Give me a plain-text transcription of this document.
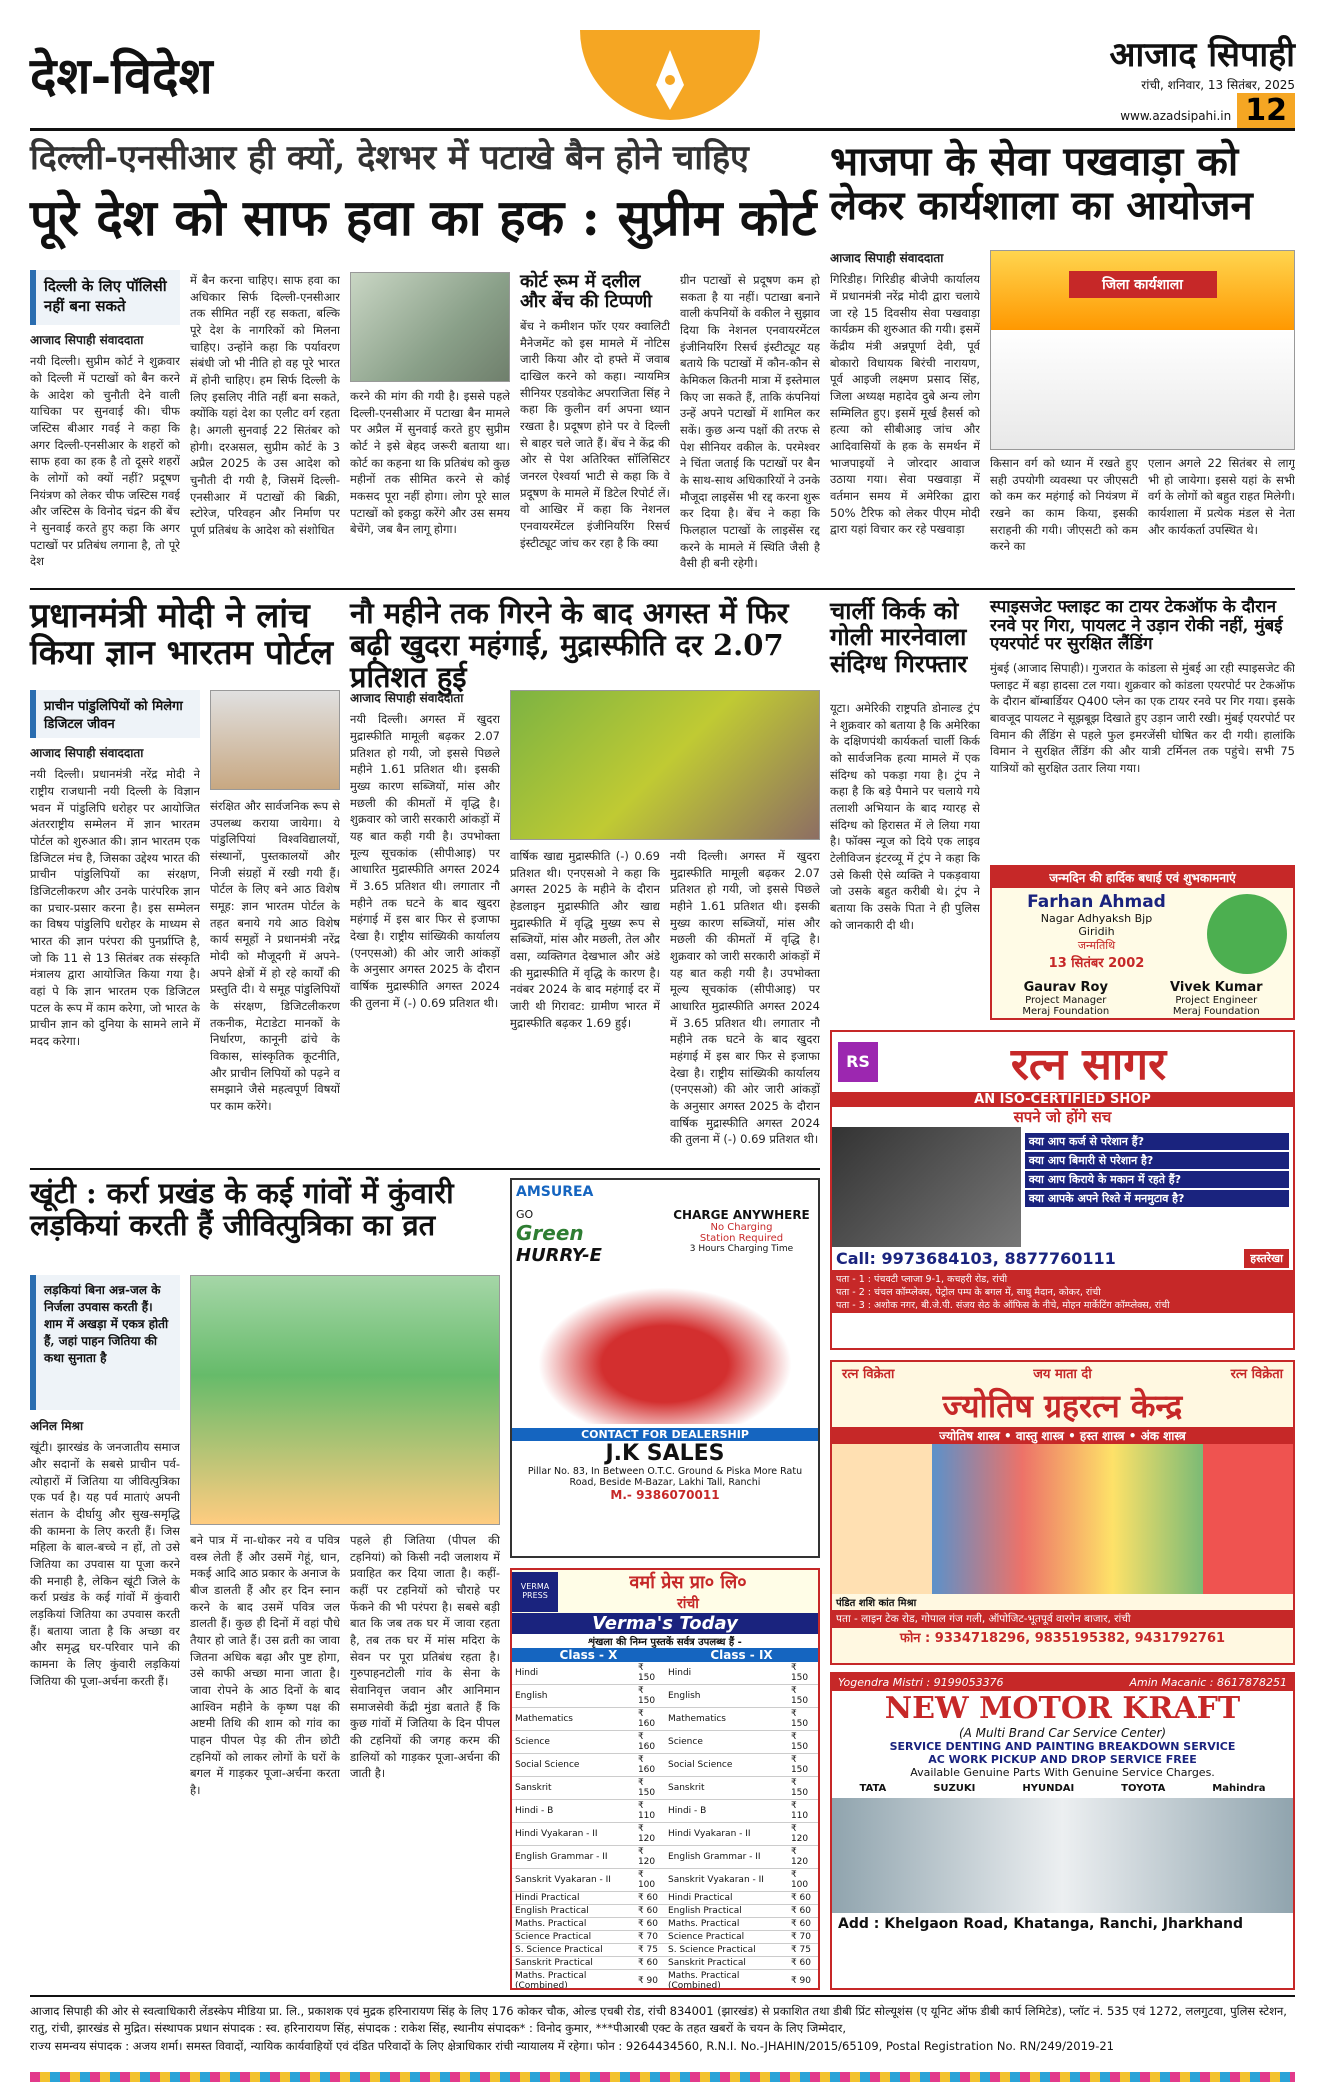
देश-विदेश	आजाद सिपाही
रांची, शनिवार, 13 सितंबर, 2025
www.azadsipahi.in 12
दिल्ली-एनसीआर ही क्यों, देशभर में पटाखे बैन होने चाहिए
पूरे देश को साफ हवा का हक : सुप्रीम कोर्ट
दिल्ली के लिए पॉलिसी नहीं बना सकते
आजाद सिपाही संवाददाता
नयी दिल्ली। सुप्रीम कोर्ट ने शुक्रवार को दिल्ली में पटाखों को बैन करने के आदेश को चुनौती देने वाली याचिका पर सुनवाई की। चीफ जस्टिस बीआर गवई ने कहा कि अगर दिल्ली-एनसीआर के शहरों को साफ हवा का हक है तो दूसरे शहरों के लोगों को क्यों नहीं? प्रदूषण नियंत्रण को लेकर चीफ जस्टिस गवई और जस्टिस के विनोद चंद्रन की बेंच ने सुनवाई करते हुए कहा कि अगर पटाखों पर प्रतिबंध लगाना है, तो पूरे देश
में बैन करना चाहिए। साफ हवा का अधिकार सिर्फ दिल्ली-एनसीआर तक सीमित नहीं रह सकता, बल्कि पूरे देश के नागरिकों को मिलना चाहिए। उन्होंने कहा कि पर्यावरण संबंधी जो भी नीति हो वह पूरे भारत में होनी चाहिए। हम सिर्फ दिल्ली के लिए इसलिए नीति नहीं बना सकते, क्योंकि यहां देश का एलीट वर्ग रहता है। अगली सुनवाई 22 सितंबर को होगी। दरअसल, सुप्रीम कोर्ट के 3 अप्रैल 2025 के उस आदेश को चुनौती दी गयी है, जिसमें दिल्ली-एनसीआर में पटाखों की बिक्री, स्टोरेज, परिवहन और निर्माण पर पूर्ण प्रतिबंध के आदेश को संशोधित
करने की मांग की गयी है। इससे पहले दिल्ली-एनसीआर में पटाखा बैन मामले पर अप्रैल में सुनवाई करते हुए सुप्रीम कोर्ट ने इसे बेहद जरूरी बताया था। कोर्ट का कहना था कि प्रतिबंध को कुछ महीनों तक सीमित करने से कोई मकसद पूरा नहीं होगा। लोग पूरे साल पटाखों को इकट्ठा करेंगे और उस समय बेचेंगे, जब बैन लागू होगा।
कोर्ट रूम में दलील और बेंच की टिप्पणी
बेंच ने कमीशन फॉर एयर क्वालिटी मैनेजमेंट को इस मामले में नोटिस जारी किया और दो हफ्ते में जवाब दाखिल करने को कहा। न्यायमित्र सीनियर एडवोकेट अपराजिता सिंह ने कहा कि कुलीन वर्ग अपना ध्यान रखता है। प्रदूषण होने पर वे दिल्ली से बाहर चले जाते हैं। बेंच ने केंद्र की ओर से पेश अतिरिक्त सॉलिसिटर जनरल ऐश्वर्या भाटी से कहा कि वे प्रदूषण के मामले में डिटेल रिपोर्ट लें। वो आखिर में कहा कि नेशनल एनवायरमेंटल इंजीनियरिंग रिसर्च इंस्टीट्यूट जांच कर रहा है कि क्या
ग्रीन पटाखों से प्रदूषण कम हो सकता है या नहीं। पटाखा बनाने वाली कंपनियों के वकील ने सुझाव दिया कि नेशनल एनवायरमेंटल इंजीनियरिंग रिसर्च इंस्टीट्यूट यह बताये कि पटाखों में कौन-कौन से केमिकल कितनी मात्रा में इस्तेमाल किए जा सकते हैं, ताकि कंपनियां उन्हें अपने पटाखों में शामिल कर सकें। कुछ अन्य पक्षों की तरफ से पेश सीनियर वकील के. परमेश्वर ने चिंता जताई कि पटाखों पर बैन के साथ-साथ अधिकारियों ने उनके मौजूदा लाइसेंस भी रद्द करना शुरू कर दिया है। बेंच ने कहा कि फिलहाल पटाखों के लाइसेंस रद्द करने के मामले में स्थिति जैसी है वैसी ही बनी रहेगी।
भाजपा के सेवा पखवाड़ा को लेकर कार्यशाला का आयोजन
आजाद सिपाही संवाददाता
गिरिडीह। गिरिडीह बीजेपी कार्यालय में प्रधानमंत्री नरेंद्र मोदी द्वारा चलाये जा रहे 15 दिवसीय सेवा पखवाड़ा कार्यक्रम की शुरुआत की गयी। इसमें केंद्रीय मंत्री अन्नपूर्णा देवी, पूर्व बोकारो विधायक बिरंची नारायण, पूर्व आइजी लक्ष्मण प्रसाद सिंह, जिला अध्यक्ष महादेव दुबे अन्य लोग सम्मिलित हुए। इसमें मूर्ख हैसर्स को हत्या को सीबीआइ जांच और आदिवासियों के हक के समर्थन में भाजपाइयों ने जोरदार आवाज उठाया गया। सेवा पखवाड़ा में वर्तमान समय में अमेरिका द्वारा 50% टैरिफ को लेकर पीएम मोदी द्वारा यहां विचार कर रहे पखवाड़ा
जिला कार्यशाला
किसान वर्ग को ध्यान में रखते हुए सही उपयोगी व्यवस्था पर जीएसटी को कम कर महंगाई को नियंत्रण में रखने का काम किया, इसकी सराहनी की गयी। जीएसटी को कम करने का
एलान अगले 22 सितंबर से लागू भी हो जायेगा। इससे यहां के सभी वर्ग के लोगों को बहुत राहत मिलेगी। कार्यशाला में प्रत्येक मंडल से नेता और कार्यकर्ता उपस्थित थे।
प्रधानमंत्री मोदी ने लांच किया ज्ञान भारतम पोर्टल
प्राचीन पांडुलिपियों को मिलेगा डिजिटल जीवन
आजाद सिपाही संवाददाता
नयी दिल्ली। प्रधानमंत्री नरेंद्र मोदी ने राष्ट्रीय राजधानी नयी दिल्ली के विज्ञान भवन में पांडुलिपि धरोहर पर आयोजित अंतरराष्ट्रीय सम्मेलन में ज्ञान भारतम पोर्टल को शुरुआत की। ज्ञान भारतम एक डिजिटल मंच है, जिसका उद्देश्य भारत की प्राचीन पांडुलिपियों का संरक्षण, डिजिटलीकरण और उनके पारंपरिक ज्ञान का प्रचार-प्रसार करना है। इस सम्मेलन का विषय पांडुलिपि धरोहर के माध्यम से भारत की ज्ञान परंपरा की पुनर्प्राप्ति है, जो कि 11 से 13 सितंबर तक संस्कृति मंत्रालय द्वारा आयोजित किया गया है। वहां पे कि ज्ञान भारतम एक डिजिटल पटल के रूप में काम करेगा, जो भारत के प्राचीन ज्ञान को दुनिया के सामने लाने में मदद करेगा।
संरक्षित और सार्वजनिक रूप से उपलब्ध कराया जायेगा। ये पांडुलिपियां विश्वविद्यालयों, संस्थानों, पुस्तकालयों और निजी संग्रहों में रखी गयी हैं। पोर्टल के लिए बने आठ विशेष समूह: ज्ञान भारतम पोर्टल के तहत बनाये गये आठ विशेष कार्य समूहों ने प्रधानमंत्री नरेंद्र मोदी को मौजूदगी में अपने-अपने क्षेत्रों में हो रहे कार्यों की प्रस्तुति दी। ये समूह पांडुलिपियों के संरक्षण, डिजिटलीकरण तकनीक, मेटाडेटा मानकों के निर्धारण, कानूनी ढांचे के विकास, सांस्कृतिक कूटनीति, और प्राचीन लिपियों को पढ़ने व समझाने जैसे महत्वपूर्ण विषयों पर काम करेंगे।
नौ महीने तक गिरने के बाद अगस्त में फिर बढ़ी खुदरा महंगाई, मुद्रास्फीति दर 2.07 प्रतिशत हुई
आजाद सिपाही संवाददाता
नयी दिल्ली। अगस्त में खुदरा मुद्रास्फीति मामूली बढ़कर 2.07 प्रतिशत हो गयी, जो इससे पिछले महीने 1.61 प्रतिशत थी। इसकी मुख्य कारण सब्जियों, मांस और मछली की कीमतों में वृद्धि है। शुक्रवार को जारी सरकारी आंकड़ों में यह बात कही गयी है। उपभोक्ता मूल्य सूचकांक (सीपीआइ) पर आधारित मुद्रास्फीति अगस्त 2024 में 3.65 प्रतिशत थी। लगातार नौ महीने तक घटने के बाद खुदरा महंगाई में इस बार फिर से इजाफा देखा है। राष्ट्रीय सांख्यिकी कार्यालय (एनएसओ) की ओर जारी आंकड़ों के अनुसार अगस्त 2025 के दौरान वार्षिक मुद्रास्फीति अगस्त 2024 की तुलना में (-) 0.69 प्रतिशत थी।
वार्षिक खाद्य मुद्रास्फीति (-) 0.69 प्रतिशत थी। एनएसओ ने कहा कि अगस्त 2025 के महीने के दौरान हेडलाइन मुद्रास्फीति और खाद्य मुद्रास्फीति में वृद्धि मुख्य रूप से सब्जियों, मांस और मछली, तेल और वसा, व्यक्तिगत देखभाल और अंडे की मुद्रास्फीति में वृद्धि के कारण है। नवंबर 2024 के बाद महंगाई दर में जारी थी गिरावट: ग्रामीण भारत में मुद्रास्फीति बढ़कर 1.69 हुई।
नयी दिल्ली। अगस्त में खुदरा मुद्रास्फीति मामूली बढ़कर 2.07 प्रतिशत हो गयी, जो इससे पिछले महीने 1.61 प्रतिशत थी। इसकी मुख्य कारण सब्जियों, मांस और मछली की कीमतों में वृद्धि है। शुक्रवार को जारी सरकारी आंकड़ों में यह बात कही गयी है। उपभोक्ता मूल्य सूचकांक (सीपीआइ) पर आधारित मुद्रास्फीति अगस्त 2024 में 3.65 प्रतिशत थी। लगातार नौ महीने तक घटने के बाद खुदरा महंगाई में इस बार फिर से इजाफा देखा है। राष्ट्रीय सांख्यिकी कार्यालय (एनएसओ) की ओर जारी आंकड़ों के अनुसार अगस्त 2025 के दौरान वार्षिक मुद्रास्फीति अगस्त 2024 की तुलना में (-) 0.69 प्रतिशत थी।
चार्ली किर्क को गोली मारनेवाला संदिग्ध गिरफ्तार
यूटा। अमेरिकी राष्ट्रपति डोनाल्ड ट्रंप ने शुक्रवार को बताया है कि अमेरिका के दक्षिणपंथी कार्यकर्ता चार्ली किर्क को सार्वजनिक हत्या मामले में एक संदिग्ध को पकड़ा गया है। ट्रंप ने कहा है कि बड़े पैमाने पर चलाये गये तलाशी अभियान के बाद ग्यारह से संदिग्ध को हिरासत में ले लिया गया है। फॉक्स न्यूज को दिये एक लाइव टेलीविजन इंटरव्यू में ट्रंप ने कहा कि उसे किसी ऐसे व्यक्ति ने पकड़वाया जो उसके बहुत करीबी थे। ट्रंप ने बताया कि उसके पिता ने ही पुलिस को जानकारी दी थी।
स्पाइसजेट फ्लाइट का टायर टेकऑफ के दौरान रनवे पर गिरा, पायलट ने उड़ान रोकी नहीं, मुंबई एयरपोर्ट पर सुरक्षित लैंडिंग
मुंबई (आजाद सिपाही)। गुजरात के कांडला से मुंबई आ रही स्पाइसजेट की फ्लाइट में बड़ा हादसा टल गया। शुक्रवार को कांडला एयरपोर्ट पर टेकऑफ के दौरान बॉम्बार्डियर Q400 प्लेन का एक टायर रनवे पर गिर गया। इसके बावजूद पायलट ने सूझबूझ दिखाते हुए उड़ान जारी रखी। मुंबई एयरपोर्ट पर विमान की लैंडिंग से पहले फुल इमरजेंसी घोषित कर दी गयी। हालांकि विमान ने सुरक्षित लैंडिंग की और यात्री टर्मिनल तक पहुंचे। सभी 75 यात्रियों को सुरक्षित उतार लिया गया।
जन्मदिन की हार्दिक बधाई एवं शुभकामनाएं
Farhan Ahmad
Nagar Adhyaksh Bjp
Giridih
जन्मतिथि
13 सितंबर 2002
Gaurav Roy
Project Manager
Meraj Foundation
Vivek Kumar
Project Engineer
Meraj Foundation
RS	रत्न सागर
AN ISO-CERTIFIED SHOP
सपने जो होंगे सच
क्या आप कर्ज से परेशान हैं?
क्या आप बिमारी से परेशान है?
क्या आप किराये के मकान में रहते हैं?
क्या आपके अपने रिश्ते में मनमुटाव है?
Call: 9973684103, 8877760111	हस्तरेखा
पता - 1 : पंचवटी प्लाजा 9-1, कचहरी रोड, रांची
पता - 2 : चंचल कॉम्प्लेक्स, पेट्रोल पम्प के बगल में, साधु मैदान, कोकर, रांची
पता - 3 : अशोक नगर, बी.जे.पी. संजय सेठ के ऑफिस के नीचे, मोहन मार्केटिंग कॉम्प्लेक्स, रांची
रत्न विक्रेता	जय माता दी	रत्न विक्रेता
ज्योतिष ग्रहरत्न केन्द्र
ज्योतिष शास्त्र • वास्तु शास्त्र • हस्त शास्त्र • अंक शास्त्र
पंडित शशि कांत मिश्रा
पता - लाइन टेक रोड, गोपाल गंज गली, ऑपोजिट-भूतपूर्व वारगेन बाजार, रांची
फोन : 9334718296, 9835195382, 9431792761
Yogendra Mistri : 9199053376	Amin Macanic : 8617878251
NEW MOTOR KRAFT
(A Multi Brand Car Service Center)
SERVICE DENTING AND PAINTING BREAKDOWN SERVICE
AC WORK PICKUP AND DROP SERVICE FREE
Available Genuine Parts With Genuine Service Charges.
TATA	SUZUKI	HYUNDAI	TOYOTA	Mahindra
Add : Khelgaon Road, Khatanga, Ranchi, Jharkhand
खूंटी : कर्रा प्रखंड के कई गांवों में कुंवारी लड़कियां करती हैं जीवित्पुत्रिका का व्रत
लड़कियां बिना अन्न-जल के निर्जला उपवास करती हैं। शाम में अखड़ा में एकत्र होती हैं, जहां पाहन जितिया की कथा सुनाता है
अनिल मिश्रा
खूंटी। झारखंड के जनजातीय समाज और सदानों के सबसे प्राचीन पर्व-त्योहारों में जितिया या जीवित्पुत्रिका एक पर्व है। यह पर्व माताएं अपनी संतान के दीर्घायु और सुख-समृद्धि की कामना के लिए करती हैं। जिस महिला के बाल-बच्चे न हों, तो उसे जितिया का उपवास या पूजा करने की मनाही है, लेकिन खूंटी जिले के कर्रा प्रखंड के कई गांवों में कुंवारी लड़कियां जितिया का उपवास करती हैं। बताया जाता है कि अच्छा वर और समृद्ध घर-परिवार पाने की कामना के लिए कुंवारी लड़कियां जितिया की पूजा-अर्चना करती हैं।
बने पात्र में ना-धोकर नये व पवित्र वस्त्र लेती हैं और उसमें गेहूं, धान, मकई आदि आठ प्रकार के अनाज के बीज डालती हैं और हर दिन स्नान करने के बाद उसमें पवित्र जल डालती हैं। कुछ ही दिनों में वहां पौधे तैयार हो जाते हैं। उस व्रती का जावा जितना अधिक बढ़ा और पुष्ट होगा, उसे काफी अच्छा माना जाता है। जावा रोपने के आठ दिनों के बाद आश्विन महीने के कृष्ण पक्ष की अष्टमी तिथि की शाम को गांव का पाहन पीपल पेड़ की तीन छोटी टहनियों को लाकर लोगों के घरों के बगल में गाड़कर पूजा-अर्चना करता है।
पहले ही जितिया (पीपल की टहनियां) को किसी नदी जलाशय में प्रवाहित कर दिया जाता है। कहीं-कहीं पर टहनियों को चौराहे पर फेंकने की भी परंपरा है। सबसे बड़ी बात कि जब तक घर में जावा रहता है, तब तक घर में मांस मदिरा के सेवन पर पूरा प्रतिबंध रहता है। गुरुपाहनटोली गांव के सेना के सेवानिवृत्त जवान और आनिमान समाजसेवी केंद्री मुंडा बताते हैं कि कुछ गांवों में जितिया के दिन पीपल की टहनियों की जगह करम की डालियों को गाड़कर पूजा-अर्चना की जाती है।
AMSUREA
GO
Green
HURRY-E
CHARGE ANYWHERE
No Charging
Station Required
3 Hours Charging Time
CONTACT FOR DEALERSHIP
J.K SALES
Pillar No. 83, In Between O.T.C. Ground & Piska More Ratu Road, Beside M-Bazar, Lakhi Tall, Ranchi
M.- 9386070011
VERMA PRESS
वर्मा प्रेस प्रा० लि०
रांची
Verma's Today
शृंखला की निम्न पुस्तकें सर्वत्र उपलब्ध हैं -
Class - X	Class - IX
Hindi	₹ 150	Hindi	₹ 150
English	₹ 150	English	₹ 150
Mathematics	₹ 160	Mathematics	₹ 150
Science	₹ 160	Science	₹ 150
Social Science	₹ 160	Social Science	₹ 150
Sanskrit	₹ 150	Sanskrit	₹ 150
Hindi - B	₹ 110	Hindi - B	₹ 110
Hindi Vyakaran - II	₹ 120	Hindi Vyakaran - II	₹ 120
English Grammar - II	₹ 120	English Grammar - II	₹ 120
Sanskrit Vyakaran - II	₹ 100	Sanskrit Vyakaran - II	₹ 100
Hindi Practical	₹ 60	Hindi Practical	₹ 60
English Practical	₹ 60	English Practical	₹ 60
Maths. Practical	₹ 60	Maths. Practical	₹ 60
Science Practical	₹ 70	Science Practical	₹ 70
S. Science Practical	₹ 75	S. Science Practical	₹ 75
Sanskrit Practical	₹ 60	Sanskrit Practical	₹ 60
Maths. Practical (Combined)	₹ 90	Maths. Practical (Combined)	₹ 90

आजाद सिपाही की ओर से स्वत्वाधिकारी लेंडस्केप मीडिया प्रा. लि., प्रकाशक एवं मुद्रक हरिनारायण सिंह के लिए 176 कोकर चौक, ओल्ड एचबी रोड, रांची 834001 (झारखंड) से प्रकाशित तथा डीबी प्रिंट सोल्यूशंस (ए यूनिट ऑफ डीबी कार्प लिमिटेड), प्लॉट नं. 535 एवं 1272, ललगुटवा, पुलिस स्टेशन, रातु, रांची, झारखंड से मुद्रित। संस्थापक प्रधान संपादक : स्व. हरिनारायण सिंह, संपादक : राकेश सिंह, स्थानीय संपादक* : विनोद कुमार, ***पीआरबी एक्ट के तहत खबरों के चयन के लिए जिम्मेदार,
राज्य समन्वय संपादक : अजय शर्मा। समस्त विवादों, न्यायिक कार्यवाहियों एवं दंडित परिवादों के लिए क्षेत्राधिकार रांची न्यायालय में रहेगा। फोन : 9264434560, R.N.I. No.-JHAHIN/2015/65109, Postal Registration No. RN/249/2019-21
